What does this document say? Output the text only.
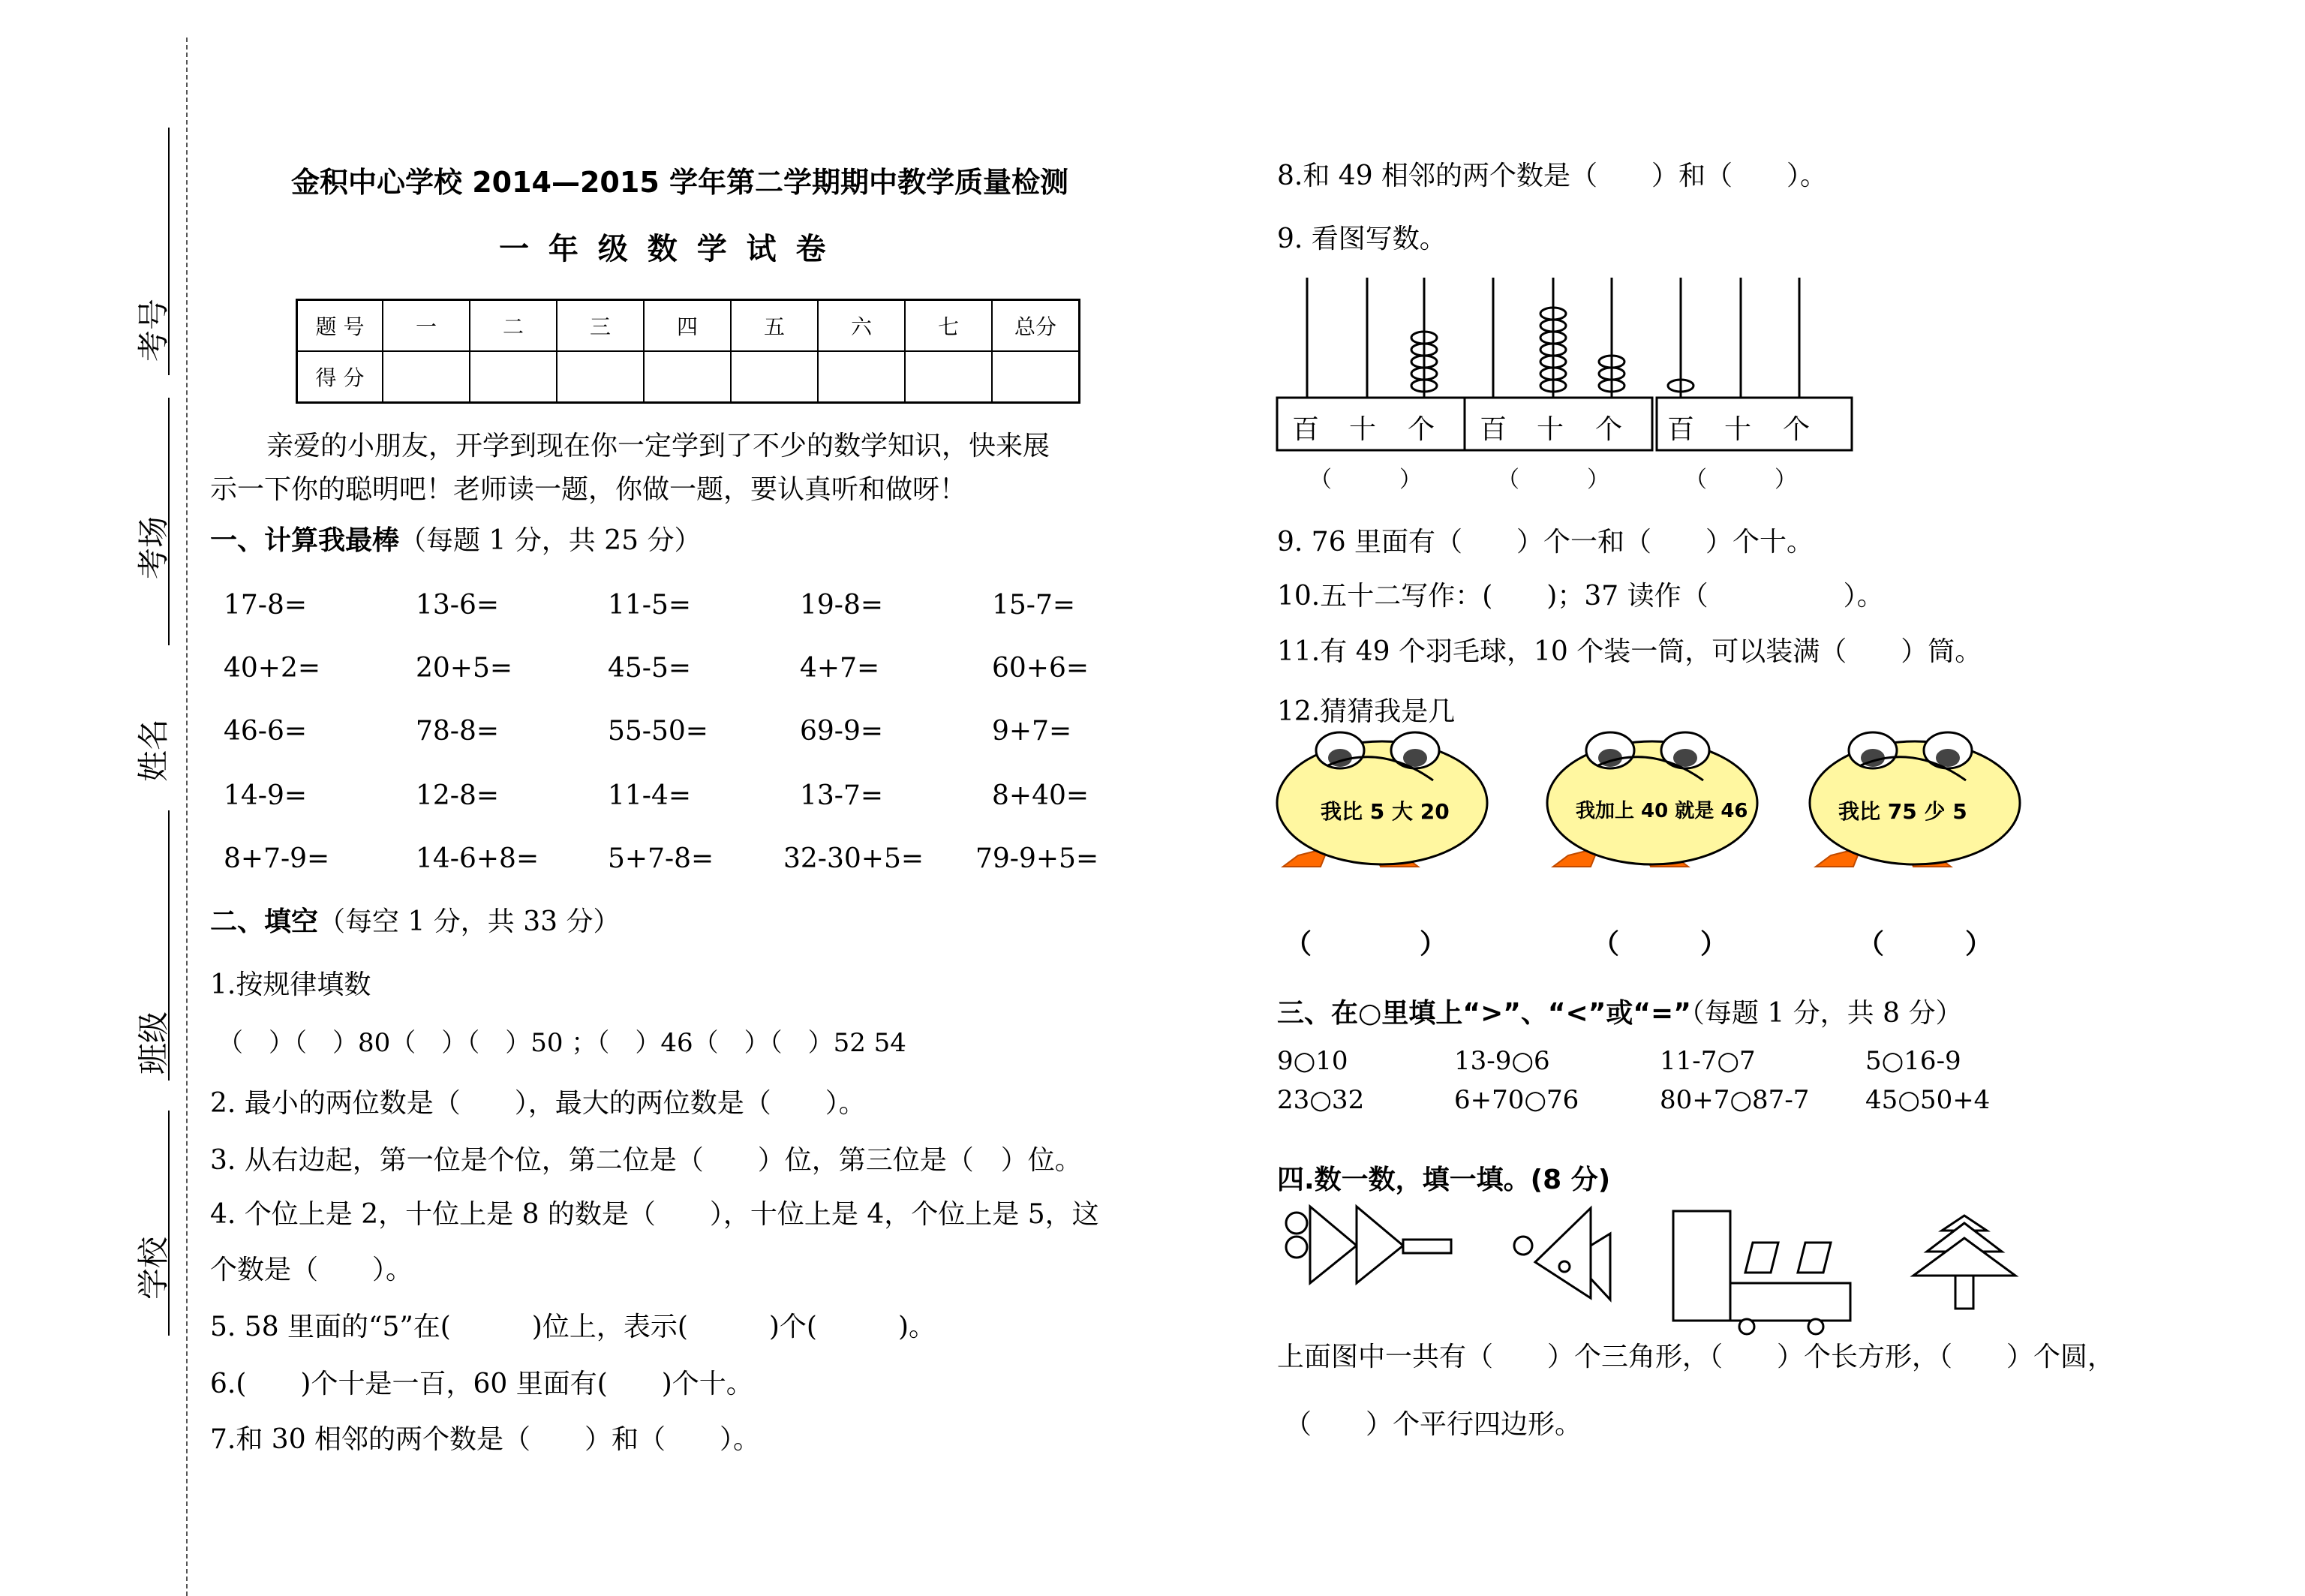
考号
考场
姓名
班级
学校
金积中心学校 2014—2015 学年第二学期期中教学质量检测
一 年 级 数 学 试 卷
题 号	一	二	三	四	五	六	七	总分
得 分								
亲爱的小朋友，开学到现在你一定学到了不少的数学知识，快来展
示一下你的聪明吧！老师读一题，你做一题，要认真听和做呀！
一、计算我最棒（每题 1 分，共 25 分）
17-8=	13-6=	11-5=	19-8=	15-7=
40+2=	20+5=	45-5=	4+7=	60+6=
46-6=	78-8=	55-50=	69-9=	9+7=
14-9=	12-8=	11-4=	13-7=	8+40=
8+7-9=	14-6+8=	5+7-8=	32-30+5= 79-9+5=
二、填空（每空 1 分，共 33 分）
1.按规律填数
（　）（　）80（　）（　）50 ；（　）46（　）（　）52 54
2. 最小的两位数是（　　），最大的两位数是（　　）。
3. 从右边起，第一位是个位，第二位是（　　）位，第三位是（　）位。
4. 个位上是 2，十位上是 8 的数是（　　），十位上是 4，个位上是 5，这
个数是（　　）。
5. 58 里面的“5”在(　　　)位上，表示(　　　)个(　　　)。
6.(　　)个十是一百，60 里面有(　　)个十。
7.和 30 相邻的两个数是（　　）和（　　）。
8.和 49 相邻的两个数是（　　）和（　　）。
9. 看图写数。
百 十 个 百 十 个 百 十 个
（　　　）	（　　　）	（　　　）
9. 76 里面有（　　）个一和（　　）个十。
10.五十二写作：(　　)；37 读作（　　　　　）。
11.有 49 个羽毛球，10 个装一筒，可以装满（　　）筒。
12.猜猜我是几
我比 5 大 20	我加上 40 就是 46	我比 75 少 5
（　　　　）	（　　　）	（　　　）
三、在○里填上“>”、“<”或“=”（每题 1 分，共 8 分）
9○10	13-9○6	11-7○7	5○16-9
23○32	6+70○76	80+7○87-7 45○50+4
四.数一数，填一填。(8 分)
上面图中一共有（　　）个三角形，（　　）个长方形，（　　）个圆，
（　　）个平行四边形。
